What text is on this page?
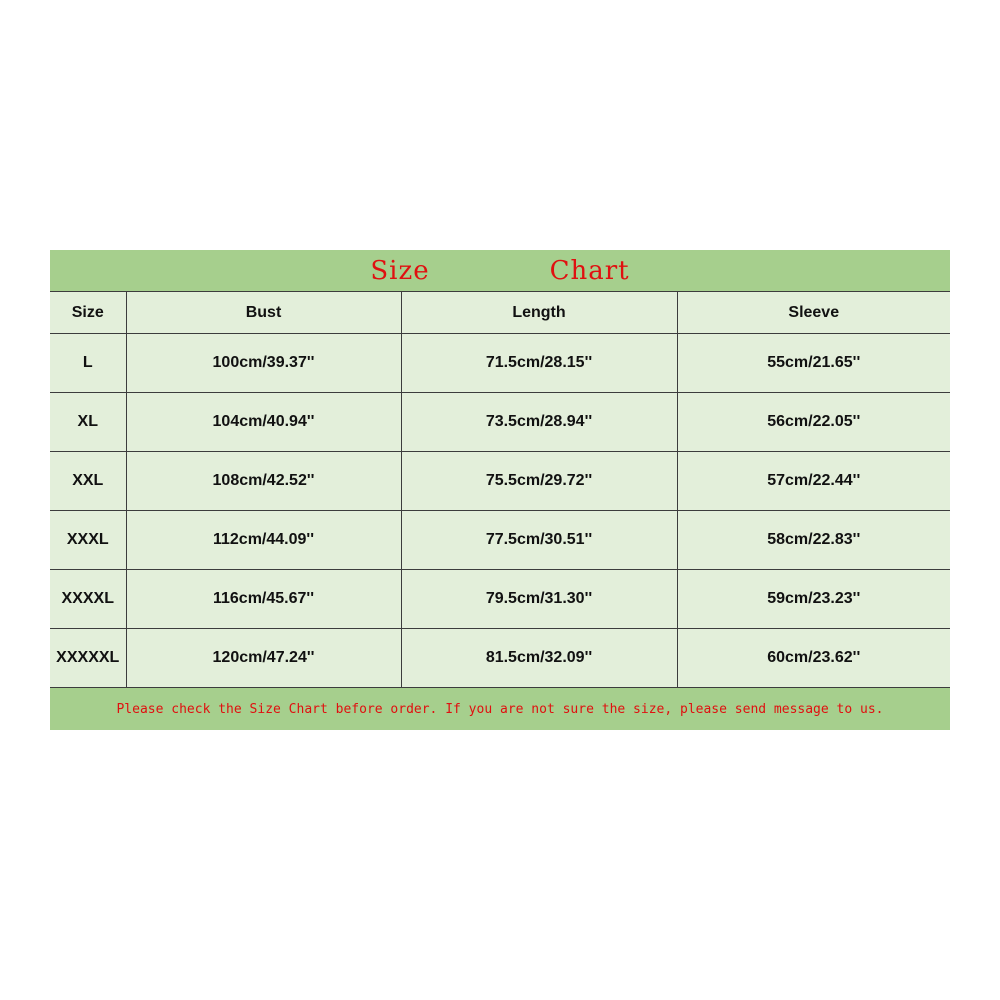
Size Chart			
Size	Bust	Length	Sleeve
L	100cm/39.37''	71.5cm/28.15''	55cm/21.65''
XL	104cm/40.94''	73.5cm/28.94''	56cm/22.05''
XXL	108cm/42.52''	75.5cm/29.72''	57cm/22.44''
XXXL	112cm/44.09''	77.5cm/30.51''	58cm/22.83''
XXXXL	116cm/45.67''	79.5cm/31.30''	59cm/23.23''
XXXXXL	120cm/47.24''	81.5cm/32.09''	60cm/23.62''
Please check the Size Chart before order. If you are not sure the size, please send message to us.			
